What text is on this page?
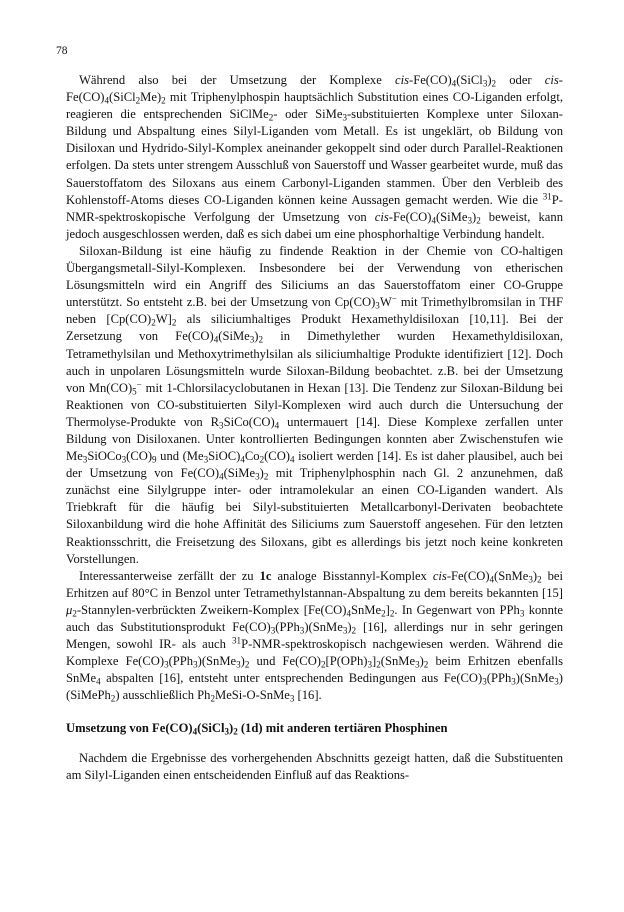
78

Während also bei der Umsetzung der Komplexe cis-$Fe(CO)_4(SiCl_3)_2$ oder cis-$Fe(CO)_4(SiCl_2Me)_2$ mit Triphenylphospin hauptsächlich Substitution eines CO-Liganden erfolgt, reagieren die entsprechenden SiClMe$_2$- oder SiMe$_3$-substituierten Komplexe unter Siloxan-Bildung und Abspaltung eines Silyl-Liganden vom Metall. Es ist ungeklärt, ob Bildung von Disiloxan und Hydrido-Silyl-Komplex aneinander gekoppelt sind oder durch Parallel-Reaktionen erfolgen. Da stets unter strengem Ausschluß von Sauerstoff und Wasser gearbeitet wurde, muß das Sauerstoffatom des Siloxans aus einem Carbonyl-Liganden stammen. Über den Verbleib des Kohlenstoff-Atoms dieses CO-Liganden können keine Aussagen gemacht werden. Wie die $^{31}$P-NMR-spektroskopische Verfolgung der Umsetzung von cis-$Fe(CO)_4(SiMe_3)_2$ beweist, kann jedoch ausgeschlossen werden, daß es sich dabei um eine phosphorhaltige Verbindung handelt.

Siloxan-Bildung ist eine häufig zu findende Reaktion in der Chemie von CO-haltigen Übergangsmetall-Silyl-Komplexen. Insbesondere bei der Verwendung von etherischen Lösungsmitteln wird ein Angriff des Siliciums an das Sauerstoffatom einer CO-Gruppe unterstützt. So entsteht z.B. bei der Umsetzung von $Cp(CO)_3W^-$ mit Trimethylbromsilan in THF neben $[Cp(CO)_2W]_2$ als siliciumhaltiges Produkt Hexamethyldisiloxan [10,11]. Bei der Zersetzung von $Fe(CO)_4(SiMe_3)_2$ in Dimethylether wurden Hexamethyldisiloxan, Tetramethylsilan und Methoxytrimethylsilan als siliciumhaltige Produkte identifiziert [12]. Doch auch in unpolaren Lösungsmitteln wurde Siloxan-Bildung beobachtet. z.B. bei der Umsetzung von $Mn(CO)_5^-$ mit 1-Chlorsilacyclobutanen in Hexan [13]. Die Tendenz zur Siloxan-Bildung bei Reaktionen von CO-substituierten Silyl-Komplexen wird auch durch die Untersuchung der Thermolyse-Produkte von $R_3SiCo(CO)_4$ untermauert [14]. Diese Komplexe zerfallen unter Bildung von Disiloxanen. Unter kontrollierten Bedingungen konnten aber Zwischenstufen wie $Me_3SiOCo_3(CO)_9$ und $(Me_3SiOC)_4Co_2(CO)_4$ isoliert werden [14]. Es ist daher plausibel, auch bei der Umsetzung von $Fe(CO)_4(SiMe_3)_2$ mit Triphenylphosphin nach Gl. 2 anzunehmen, daß zunächst eine Silylgruppe inter- oder intramolekular an einen CO-Liganden wandert. Als Triebkraft für die häufig bei Silyl-substituierten Metallcarbonyl-Derivaten beobachtete Siloxanbildung wird die hohe Affinität des Siliciums zum Sauerstoff angesehen. Für den letzten Reaktionsschritt, die Freisetzung des Siloxans, gibt es allerdings bis jetzt noch keine konkreten Vorstellungen.

Interessanterweise zerfällt der zu 1c analoge Bisstannyl-Komplex cis-$Fe(CO)_4(SnMe_3)_2$ bei Erhitzen auf 80°C in Benzol unter Tetramethylstannan-Abspaltung zu dem bereits bekannten [15] $\mu_2-Stannylen$-verbrückten Zweikern-Komplex $[Fe(CO)_4SnMe_2]_2$. In Gegenwart von PPh$_3$ konnte auch das Substitutionsprodukt $Fe(CO)_3(PPh_3)(SnMe_3)_2$ [16], allerdings nur in sehr geringen Mengen, sowohl IR- als auch $^{31}$P-NMR-spektroskopisch nachgewiesen werden. Während die Komplexe $Fe(CO)_3(PPh_3)(SnMe_3)_2$ und $Fe(CO)_2[P(OPh)_3]_2(SnMe_3)_2$ beim Erhitzen ebenfalls SnMe$_4$ abspalten [16], entsteht unter entsprechenden Bedingungen aus $Fe(CO)_3(PPh_3)(SnMe_3)(SiMePh_2)$ ausschließlich $Ph_2MeSi-O-SnMe_3$ [16].

Umsetzung von $Fe(CO)_4(SiCl_3)_2$ (1d) mit anderen tertiären Phosphinen

Nachdem die Ergebnisse des vorhergehenden Abschnitts gezeigt hatten, daß die Substituenten am Silyl-Liganden einen entscheidenden Einfluß auf das Reaktions-
